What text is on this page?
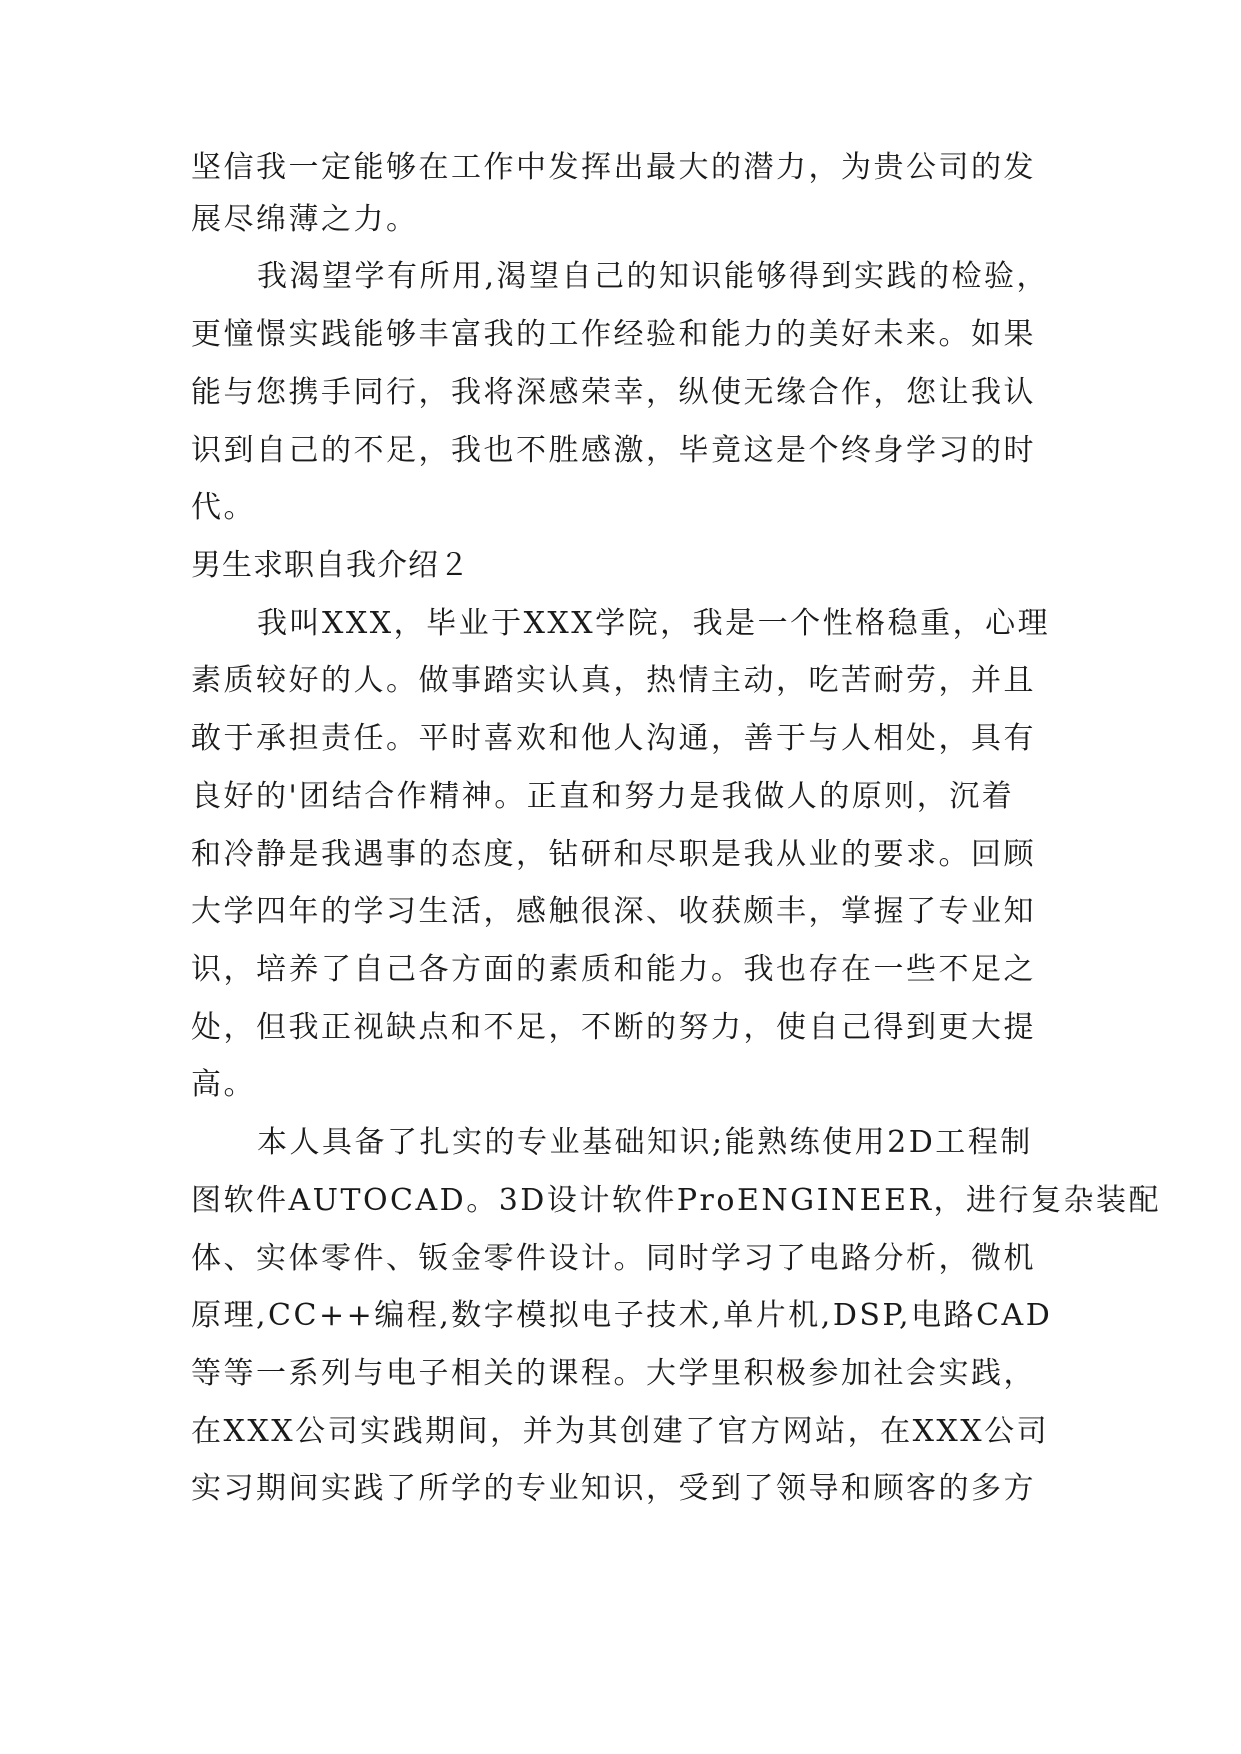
坚信我一定能够在工作中发挥出最大的潜力，为贵公司的发
展尽绵薄之力。
我渴望学有所用,渴望自己的知识能够得到实践的检验，
更憧憬实践能够丰富我的工作经验和能力的美好未来。如果
能与您携手同行，我将深感荣幸，纵使无缘合作，您让我认
识到自己的不足，我也不胜感激，毕竟这是个终身学习的时
代。
男生求职自我介绍２
我叫XXX，毕业于XXX学院，我是一个性格稳重，心理
素质较好的人。做事踏实认真，热情主动，吃苦耐劳，并且
敢于承担责任。平时喜欢和他人沟通，善于与人相处，具有
良好的'团结合作精神。正直和努力是我做人的原则，沉着
和冷静是我遇事的态度，钻研和尽职是我从业的要求。回顾
大学四年的学习生活，感触很深、收获颇丰，掌握了专业知
识，培养了自己各方面的素质和能力。我也存在一些不足之
处，但我正视缺点和不足，不断的努力，使自己得到更大提
高。
本人具备了扎实的专业基础知识;能熟练使用2D工程制
图软件AUTOCAD。3D设计软件ProENGINEER，进行复杂装配
体、实体零件、钣金零件设计。同时学习了电路分析，微机
原理,CC++编程,数字模拟电子技术,单片机,DSP,电路CAD
等等一系列与电子相关的课程。大学里积极参加社会实践，
在XXX公司实践期间，并为其创建了官方网站，在XXX公司
实习期间实践了所学的专业知识，受到了领导和顾客的多方
